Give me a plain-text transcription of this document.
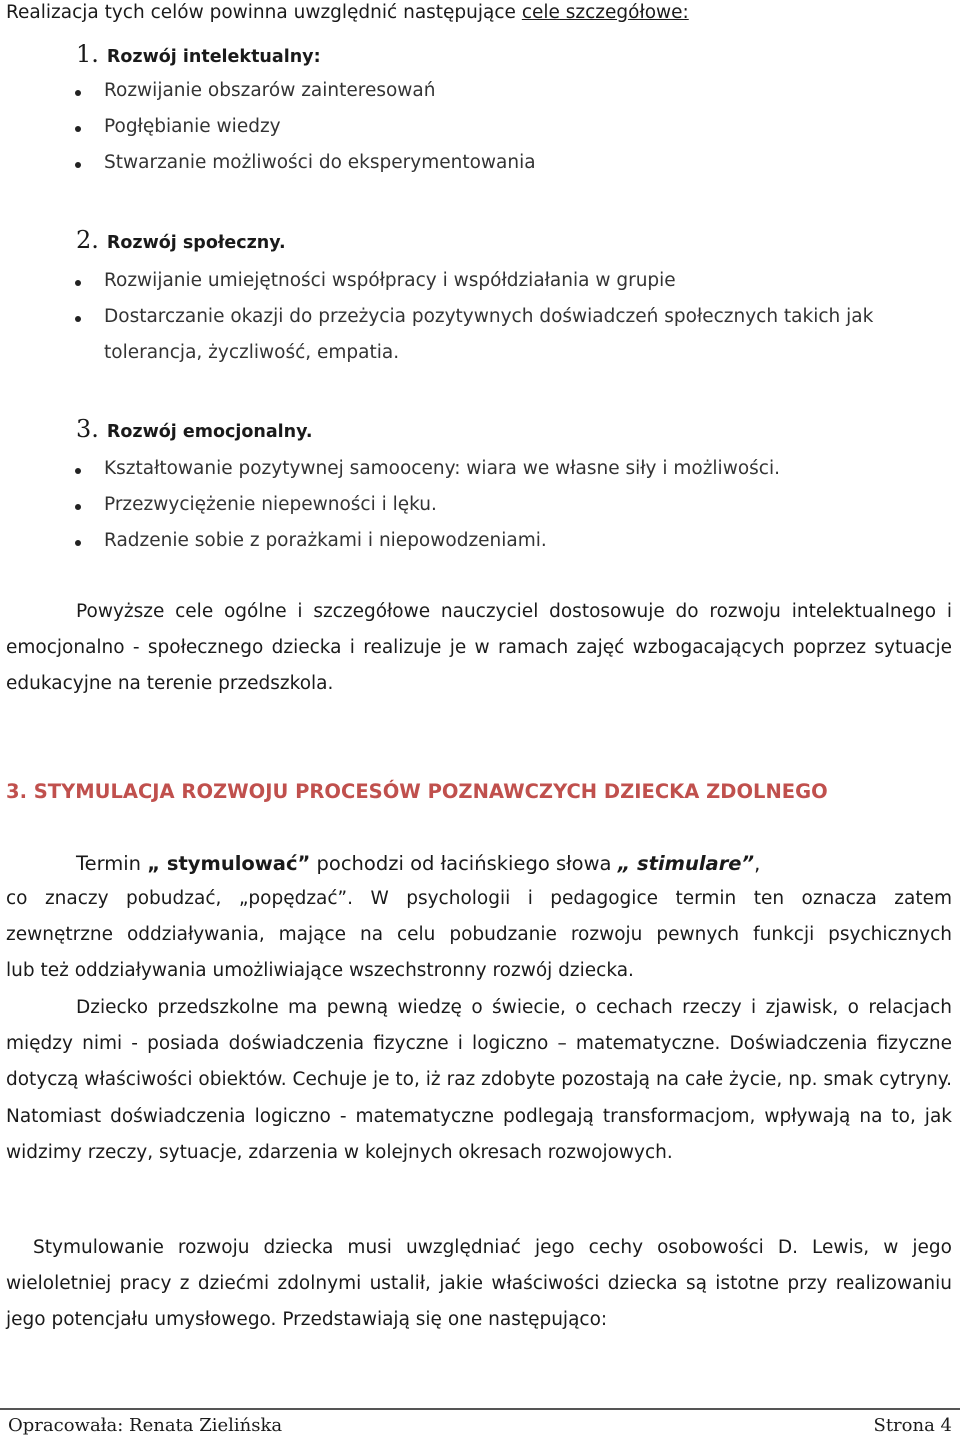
Realizacja tych celów powinna uwzględnić następujące cele szczegółowe:
1. Rozwój intelektualny:
Rozwijanie obszarów zainteresowań
Pogłębianie wiedzy
Stwarzanie możliwości do eksperymentowania
2. Rozwój społeczny.
Rozwijanie umiejętności współpracy i współdziałania w grupie
Dostarczanie okazji do przeżycia pozytywnych doświadczeń społecznych takich jak
tolerancja, życzliwość, empatia.
3. Rozwój emocjonalny.
Kształtowanie pozytywnej samooceny: wiara we własne siły i możliwości.
Przezwyciężenie niepewności i lęku.
Radzenie sobie z porażkami i niepowodzeniami.
Powyższe cele ogólne i szczegółowe nauczyciel dostosowuje do rozwoju intelektualnego i emocjonalno - społecznego dziecka i realizuje je w ramach zajęć wzbogacających poprzez sytuacje edukacyjne na terenie przedszkola.
3. STYMULACJA ROZWOJU PROCESÓW POZNAWCZYCH DZIECKA ZDOLNEGO
Termin „ stymulować” pochodzi od łacińskiego słowa „ stimulare”,
co znaczy pobudzać, „popędzać”. W psychologii i pedagogice termin ten oznacza zatem
zewnętrzne oddziaływania, mające na celu pobudzanie rozwoju pewnych funkcji psychicznych
lub też oddziaływania umożliwiające wszechstronny rozwój dziecka.
Dziecko przedszkolne ma pewną wiedzę o świecie, o cechach rzeczy i zjawisk, o relacjach między nimi - posiada doświadczenia fizyczne i logiczno – matematyczne. Doświadczenia fizyczne dotyczą właściwości obiektów. Cechuje je to, iż raz zdobyte pozostają na całe życie, np. smak cytryny. Natomiast doświadczenia logiczno - matematyczne podlegają transformacjom, wpływają na to, jak widzimy rzeczy, sytuacje, zdarzenia w kolejnych okresach rozwojowych.
Stymulowanie rozwoju dziecka musi uwzględniać jego cechy osobowości D. Lewis, w jego wieloletniej pracy z dziećmi zdolnymi ustalił, jakie właściwości dziecka są istotne przy realizowaniu jego potencjału umysłowego. Przedstawiają się one następująco:
Opracowała: Renata Zielińska	Strona 4
